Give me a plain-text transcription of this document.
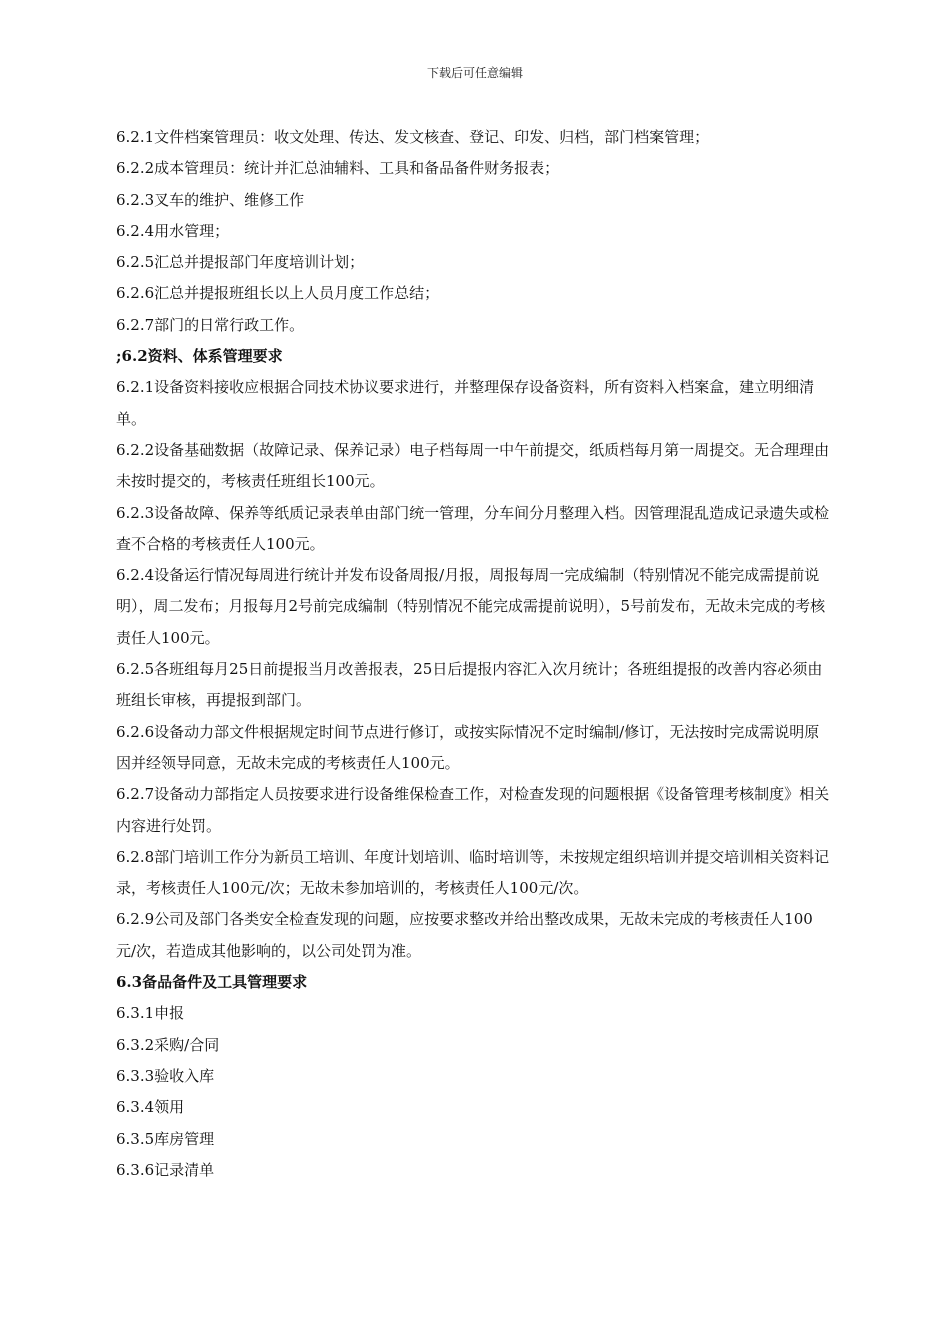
下载后可任意编辑

6.2.1文件档案管理员：收文处理、传达、发文核查、登记、印发、归档，部门档案管理；

6.2.2成本管理员：统计并汇总油辅料、工具和备品备件财务报表；

6.2.3叉车的维护、维修工作

6.2.4用水管理；

6.2.5汇总并提报部门年度培训计划；

6.2.6汇总并提报班组长以上人员月度工作总结；

6.2.7部门的日常行政工作。

;6.2资料、体系管理要求

6.2.1设备资料接收应根据合同技术协议要求进行，并整理保存设备资料，所有资料入档案盒，建立明细清单。

6.2.2设备基础数据（故障记录、保养记录）电子档每周一中午前提交，纸质档每月第一周提交。无合理理由未按时提交的，考核责任班组长100元。

6.2.3设备故障、保养等纸质记录表单由部门统一管理，分车间分月整理入档。因管理混乱造成记录遗失或检查不合格的考核责任人100元。

6.2.4设备运行情况每周进行统计并发布设备周报/月报，周报每周一完成编制（特别情况不能完成需提前说明），周二发布；月报每月2号前完成编制（特别情况不能完成需提前说明），5号前发布，无故未完成的考核责任人100元。

6.2.5各班组每月25日前提报当月改善报表，25日后提报内容汇入次月统计；各班组提报的改善内容必须由班组长审核，再提报到部门。

6.2.6设备动力部文件根据规定时间节点进行修订，或按实际情况不定时编制/修订，无法按时完成需说明原因并经领导同意，无故未完成的考核责任人100元。

6.2.7设备动力部指定人员按要求进行设备维保检查工作，对检查发现的问题根据《设备管理考核制度》相关内容进行处罚。

6.2.8部门培训工作分为新员工培训、年度计划培训、临时培训等，未按规定组织培训并提交培训相关资料记录，考核责任人100元/次；无故未参加培训的，考核责任人100元/次。

6.2.9公司及部门各类安全检查发现的问题，应按要求整改并给出整改成果，无故未完成的考核责任人100元/次，若造成其他影响的，以公司处罚为准。

6.3备品备件及工具管理要求

6.3.1申报

6.3.2采购/合同

6.3.3验收入库

6.3.4领用

6.3.5库房管理

6.3.6记录清单
